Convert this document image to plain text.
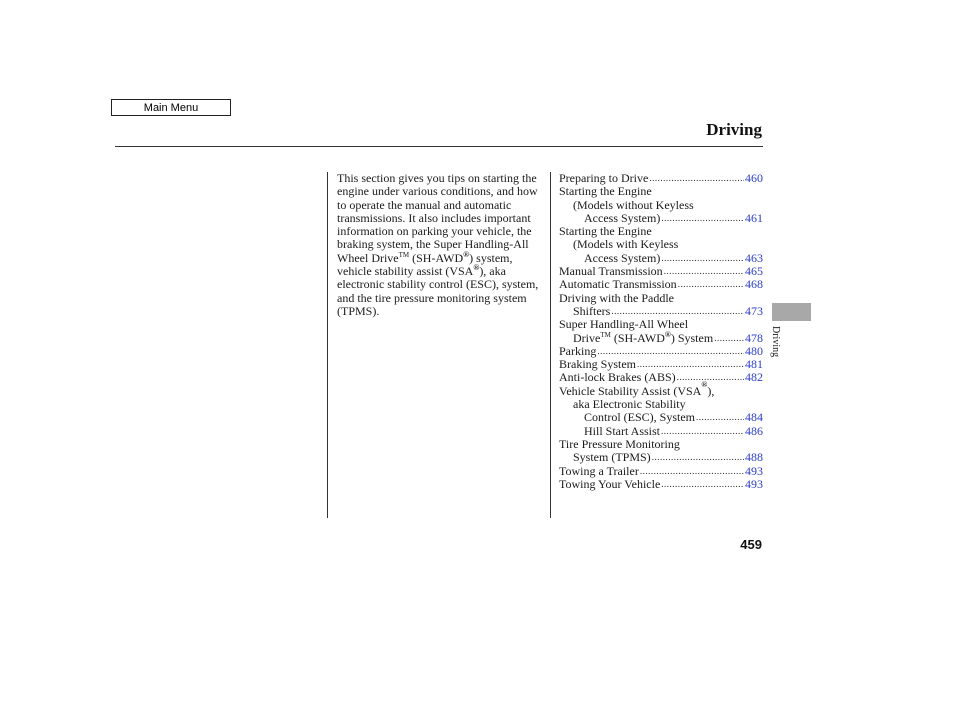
Main Menu
Driving

This section gives you tips on starting the engine under various conditions, and how to operate the manual and automatic transmissions. It also includes important information on parking your vehicle, the braking system, the Super Handling-All Wheel Drive™ (SH-AWD®) system, vehicle stability assist (VSA®), aka electronic stability control (ESC), system, and the tire pressure monitoring system (TPMS).

Preparing to Drive .....	460
Starting the Engine
(Models without Keyless
Access System) .....	461
Starting the Engine
(Models with Keyless
Access System) .....	463
Manual Transmission .....	465
Automatic Transmission .....	468
Driving with the Paddle
Shifters .....	473
Super Handling-All Wheel
Drive™ (SH-AWD®) System .....	478
Parking .....	480
Braking System .....	481
Anti-lock Brakes (ABS) .....	482
Vehicle Stability Assist (VSA ® ),
aka Electronic Stability
Control (ESC), System .....	484
Hill Start Assist .....	486
Tire Pressure Monitoring
System (TPMS) .....	488
Towing a Trailer .....	493
Towing Your Vehicle .....	493
Driving
459
